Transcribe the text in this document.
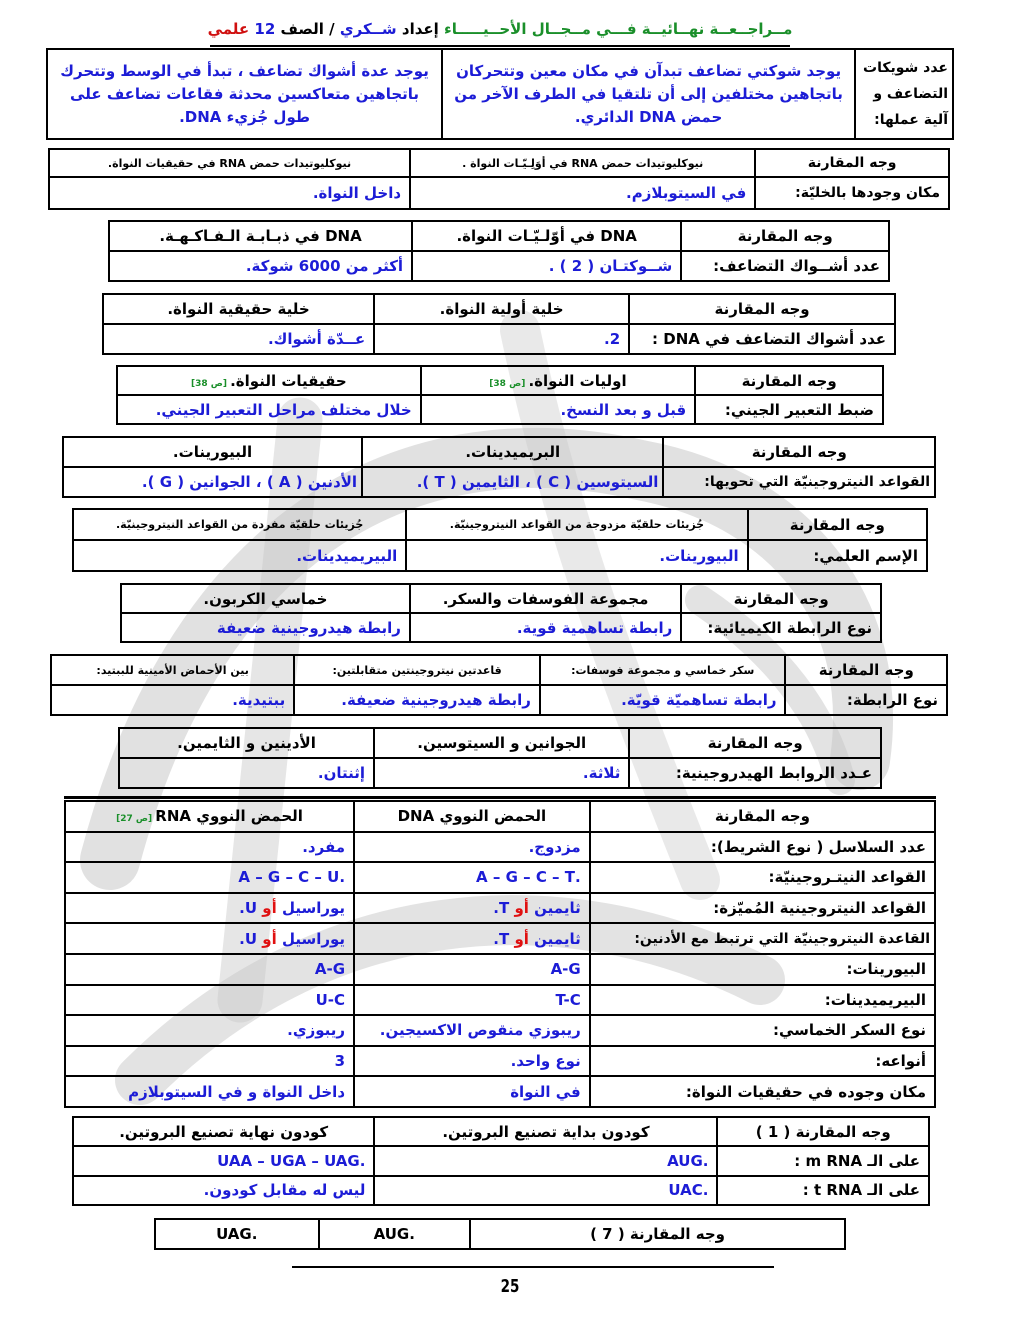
مــراجــعــة نهــائيــة فـــي مــجــال الأحــيـــــاء إعداد شــكري / الصف 12 علمي
عدد شويكات التضاعف و آلية عملها:	يوجد شوكتي تضاعف تبدآن في مكان معين وتتحركان باتجاهين مختلفين إلى أن تلتقيا في الطرف الآخر من حمض DNA الدائري.	يوجد عدة أشواك تضاعف ، تبدأ في الوسط وتتحرك باتجاهين متعاكسين محدثة فقاعات تضاعف على طول جُزيء DNA.
وجه المقارنة	نيوكليوتيدات حمض RNA في أوَلِـيّـات النواة .	نيوكليوتيدات حمض RNA في حقيقيات النواة.
مكان وجودها بالخليّة:	في السيتوبلازم.	داخل النواة.
وجه المقارنة	DNA في أوّلـيّـات النواة.	DNA في ذبـابـة الـفـاكـهـة.
عدد أشــواك التضاعف:	شــوكتـان ( 2 ) .	أكثر من 6000 شوكة.
وجه المقارنة	خلية أولية النواة.	خلية حقيقية النواة.
عدد أشواك التضاعف في DNA :	2.	عــدّة أشواك.
وجه المقارنة	اوليات النواة. [ص 38]	حقيقيات النواة. [ص 38]
ضبط التعبير الجيني:	قبل و بعد النسخ.	خلال مختلف مراحل التعبير الجيني.
وجه المقارنة	البريميدينات.	البيورينات.
القواعد النيتروجينيّة التي تحويها:	السيتوسين ( C ) ، الثايمين ( T ).	الأدنين ( A ) ، الجوانين ( G ).
وجه المقارنة	جُزيئات حلقيّة مزدوجة من القواعد النيتروجينيّة.	جُزيئات حلقيّة مفردة من القواعد النيتروجينيّة.
الإسم العلمي:	البيورينات.	البيريميدينات.
وجه المقارنة	مجموعة الفوسفات والسكر.	خماسي الكربون.
نوع الرابطة الكيميائية:	رابطة تساهمية قوية.	رابطة هيدروجينية ضعيفة
وجه المقارنة	سكر خماسي و مجموعة فوسفات:	قاعدتين نيتروجينتين متقابلتين:	بين الأحماض الأمينية للببتيد:
نوع الرابطة:	رابطة تساهميّة قويّة.	رابطة هيدروجينية ضعيفة.	ببتيدية.
وجه المقارنة	الجوانين و السيتوسين.	الأدينين و الثايمين.
عـدد الروابط الهيدروجينية:	ثلاثة.	إثنتان.
وجه المقارنة	الحمض النووي DNA	الحمض النووي RNA [ص 27]
عدد السلاسل ( نوع الشريط):	مزدوج.	مفرد.
القواعد النيتـروجينيّة:	.A – G – C – T	.A – G – C – U
القواعد النيتروجينية المُميّزة:	ثايمين أو T.	يوراسيل أو U.
القاعدة النيتروجينيّة التي ترتبط مع الأدنين:	ثايمين أو T.	يوراسيل أو U.
البيورينات:	A-G	A-G
البيريميدينات:	T-C	U-C
نوع السكر الخماسي:	ريبوزي منقوص الاكسيجين.	ريبوزي.
أنواعه:	نوع واحد.	3
مكان وجوده في حقيقيات النواة:	في النواة	داخل النواة و في السيتوبلازم
وجه المقارنة ( 1 )	كودون بداية تصنيع البروتين.	كودون نهاية تصنيع البروتين.
على الـ m RNA :	.AUG	.UAA – UGA – UAG
على الـ t RNA :	.UAC	ليس له مقابل كودون.
وجه المقارنة ( 7 )	.AUG	.UAG
25
